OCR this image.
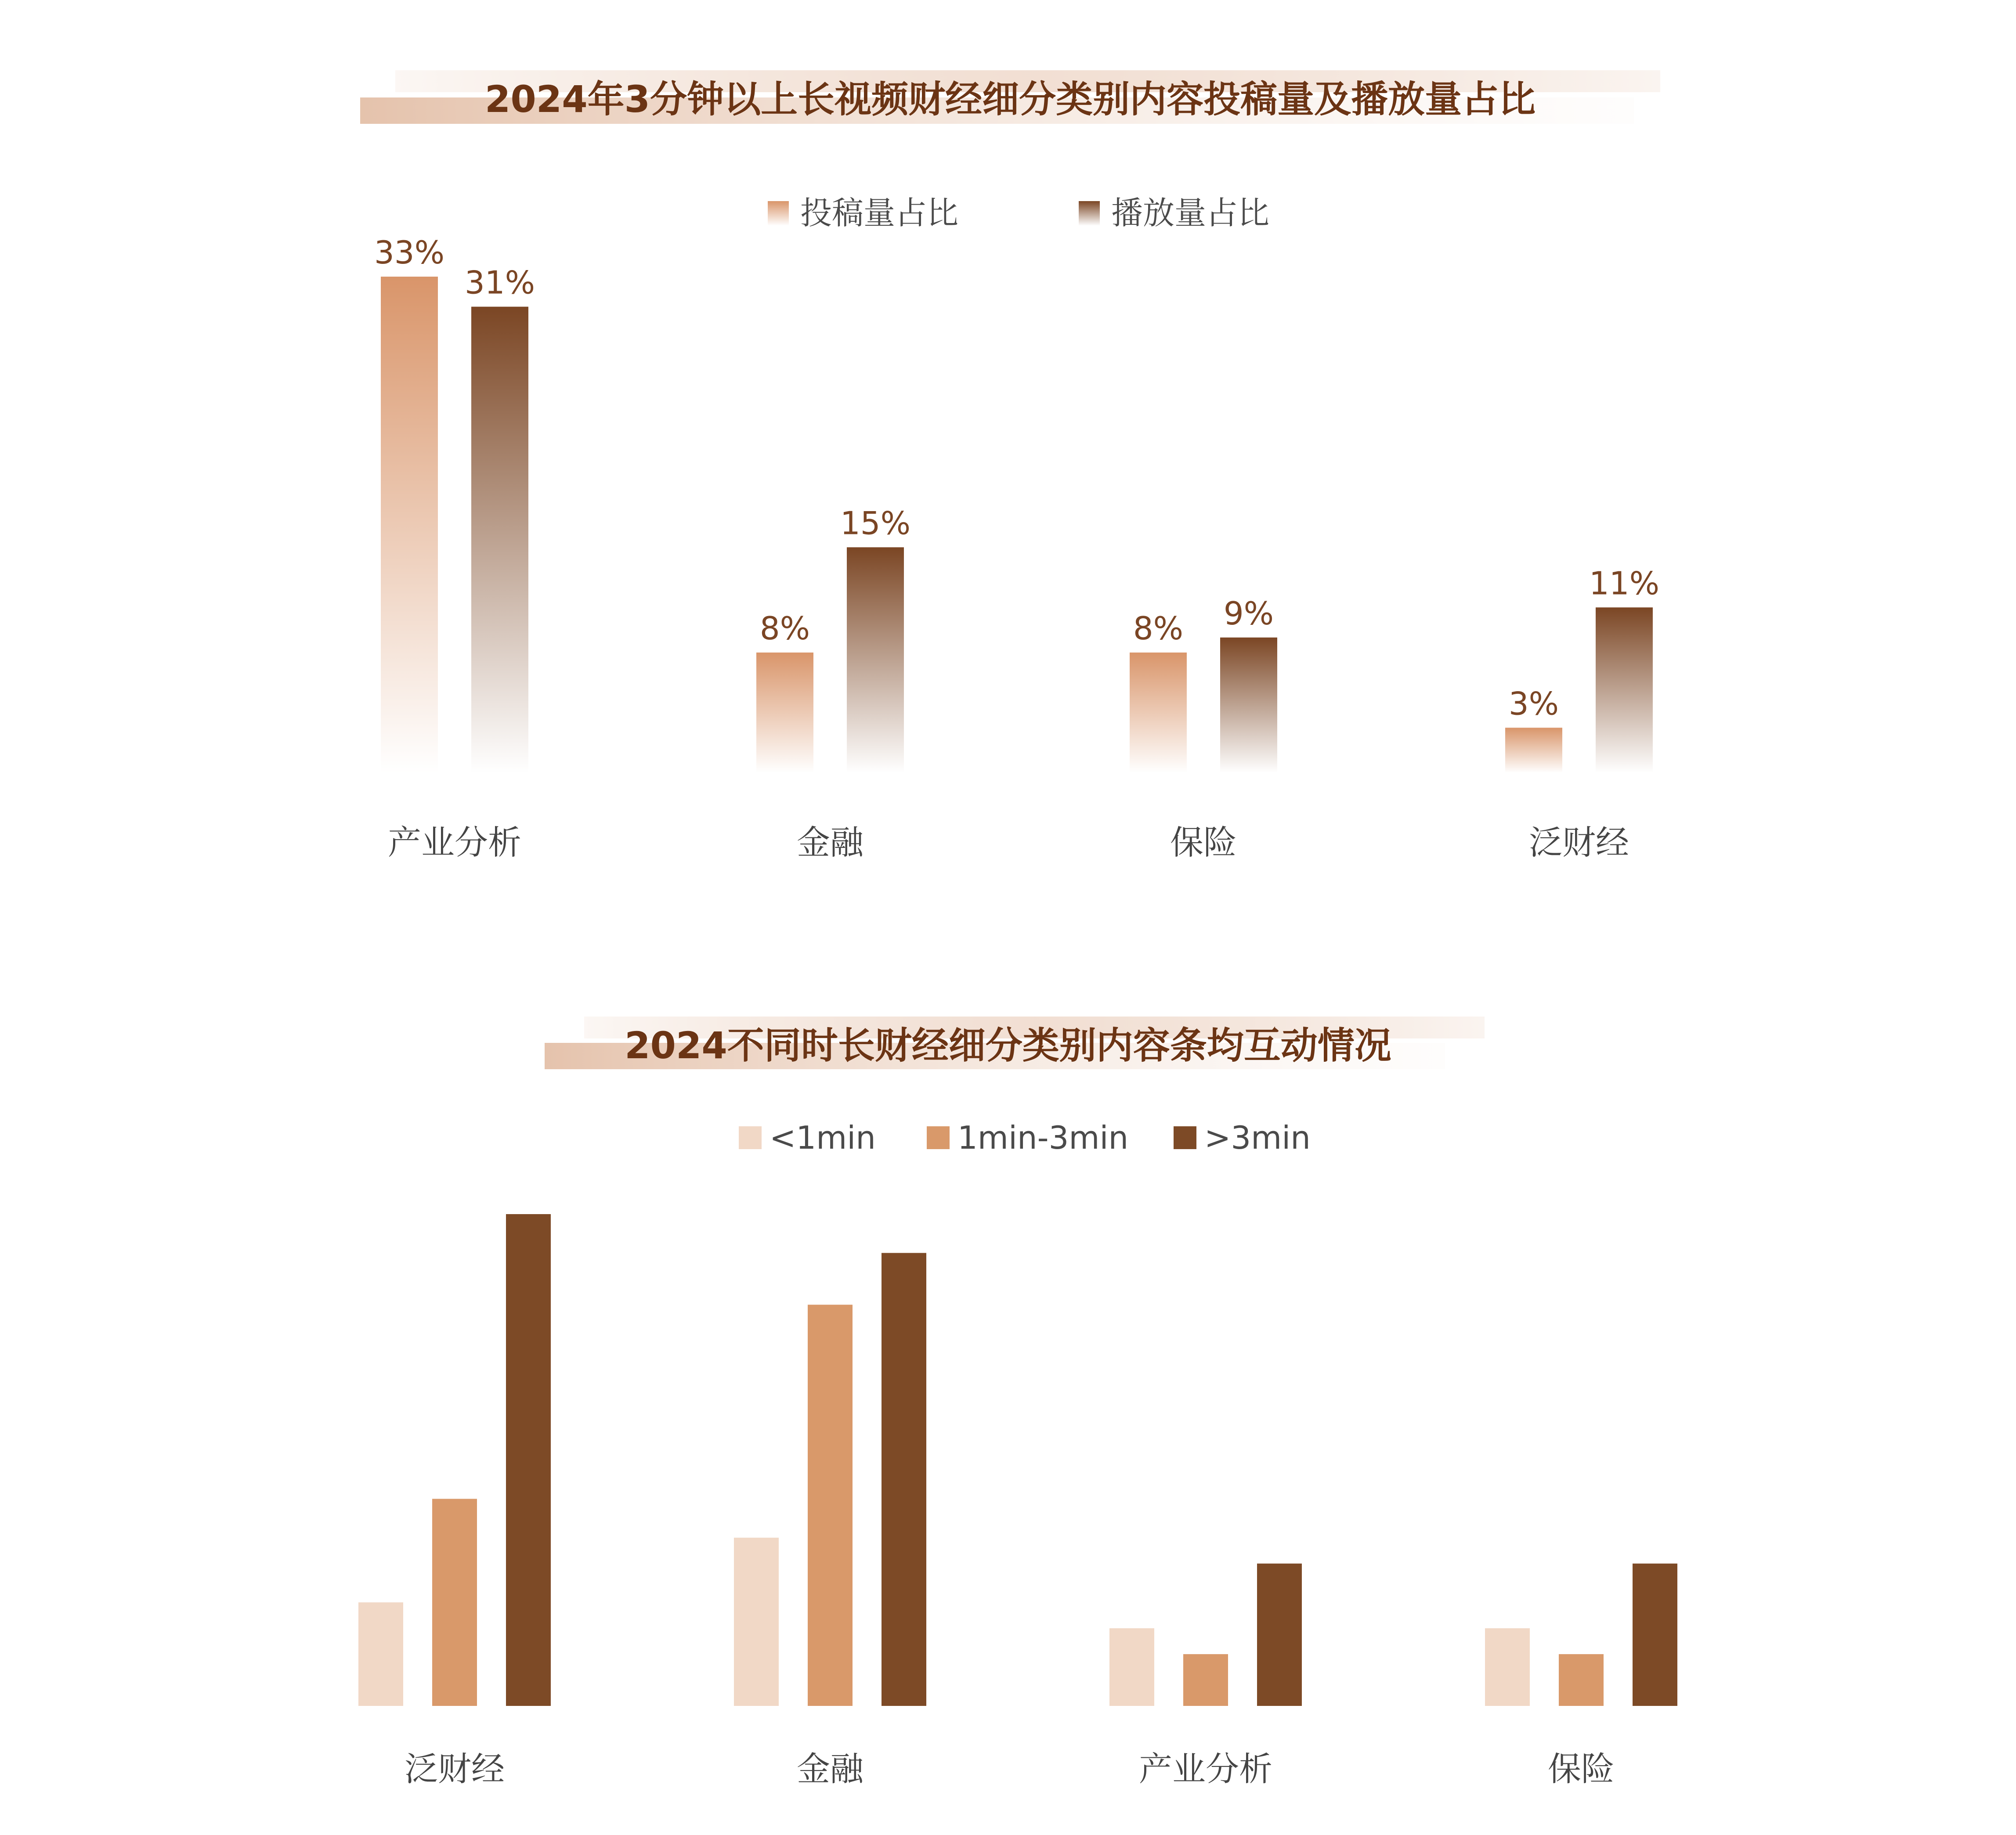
2024年3分钟以上长视频财经细分类别内容投稿量及播放量占比
投稿量占比	播放量占比
33%
31%
8%
15%
8% 9%
3%
11%
产业分析	金融	保险	泛财经
2024不同时长财经细分类别内容条均互动情况
<1min	1min-3min >3min
泛财经	金融	产业分析	保险
